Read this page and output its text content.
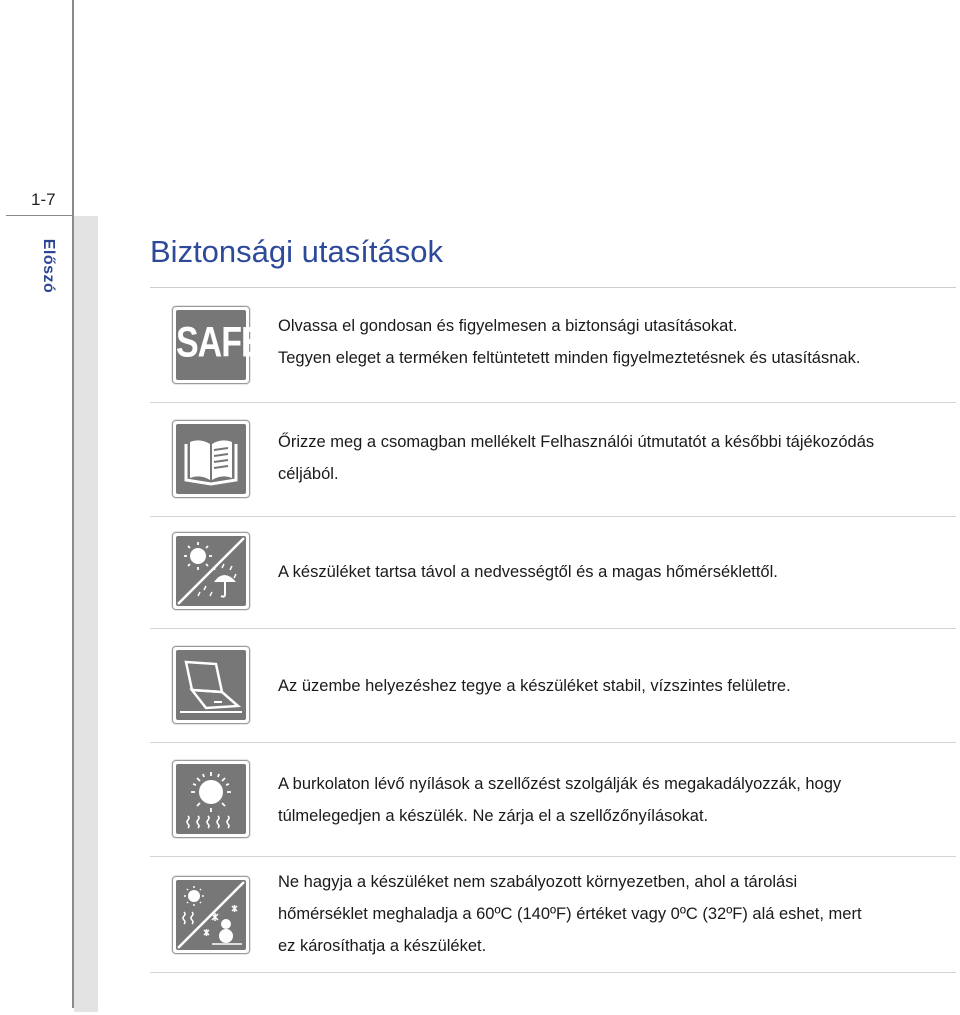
1-7
Előszó	Biztonsági utasítások
SAFE Olvassa el gondosan és figyelmesen a biztonsági utasításokat.

Tegyen eleget a terméken feltüntetett minden figyelmeztetésnek és utasításnak.

Őrizze meg a csomagban mellékelt Felhasználói útmutatót a későbbi tájékozódás

céljából.

A készüléket tartsa távol a nedvességtől és a magas hőmérséklettől.

Az üzembe helyezéshez tegye a készüléket stabil, vízszintes felületre.

A burkolaton lévő nyílások a szellőzést szolgálják és megakadályozzák, hogy

túlmelegedjen a készülék. Ne zárja el a szellőzőnyílásokat.

Ne hagyja a készüléket nem szabályozott környezetben, ahol a tárolási

hőmérséklet meghaladja a 60ºC (140ºF) értéket vagy 0ºC (32ºF) alá eshet, mert

ez károsíthatja a készüléket.
